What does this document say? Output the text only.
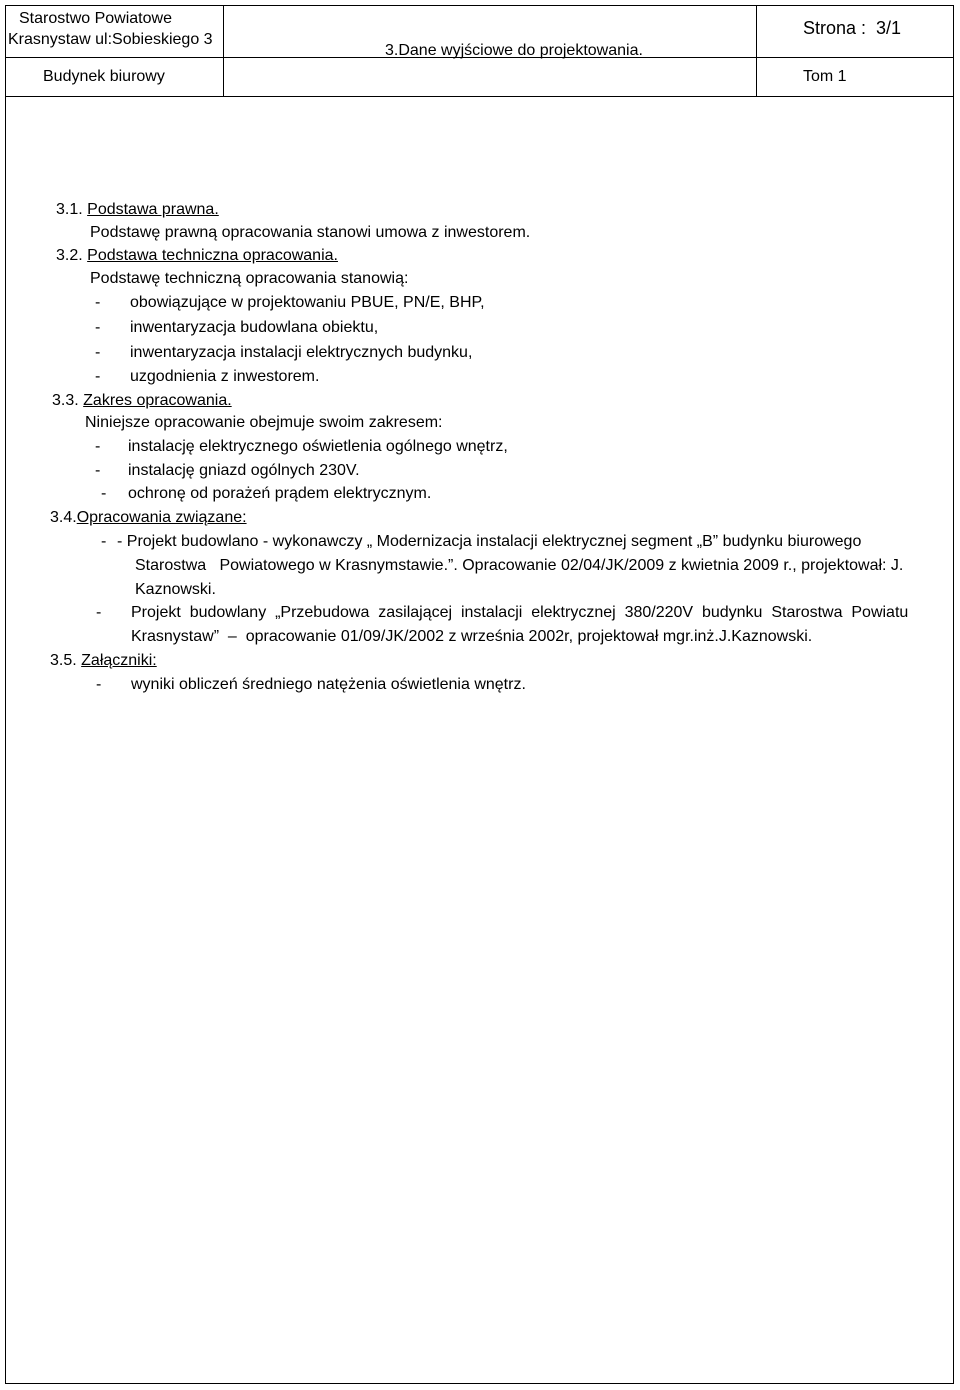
Starostwo Powiatowe
Krasnystaw ul:Sobieskiego 3
Budynek biurowy
3.Dane wyjściowe do projektowania.
Strona :  3/1
Tom 1
3.1. Podstawa prawna.
Podstawę prawną opracowania stanowi umowa z inwestorem.
3.2. Podstawa techniczna opracowania.
Podstawę techniczną opracowania stanowią:
- obowiązujące w projektowaniu PBUE, PN/E, BHP,
- inwentaryzacja budowlana obiektu,
- inwentaryzacja instalacji elektrycznych budynku,
- uzgodnienia z inwestorem.
3.3. Zakres opracowania.
Niniejsze opracowanie obejmuje swoim zakresem:
- instalację elektrycznego oświetlenia ogólnego wnętrz,
- instalację gniazd ogólnych 230V.
- ochronę od porażeń prądem elektrycznym.
3.4.Opracowania związane:
- - Projekt budowlano - wykonawczy „ Modernizacja instalacji elektrycznej segment „B” budynku biurowego
Starostwa   Powiatowego w Krasnymstawie.”. Opracowanie 02/04/JK/2009 z kwietnia 2009 r., projektował: J.
Kaznowski.
- Projekt  budowlany  „Przebudowa  zasilającej  instalacji  elektrycznej  380/220V  budynku  Starostwa  Powiatu
Krasnystaw”  –  opracowanie 01/09/JK/2002 z września 2002r, projektował mgr.inż.J.Kaznowski.
3.5. Załączniki:
- wyniki obliczeń średniego natężenia oświetlenia wnętrz.
